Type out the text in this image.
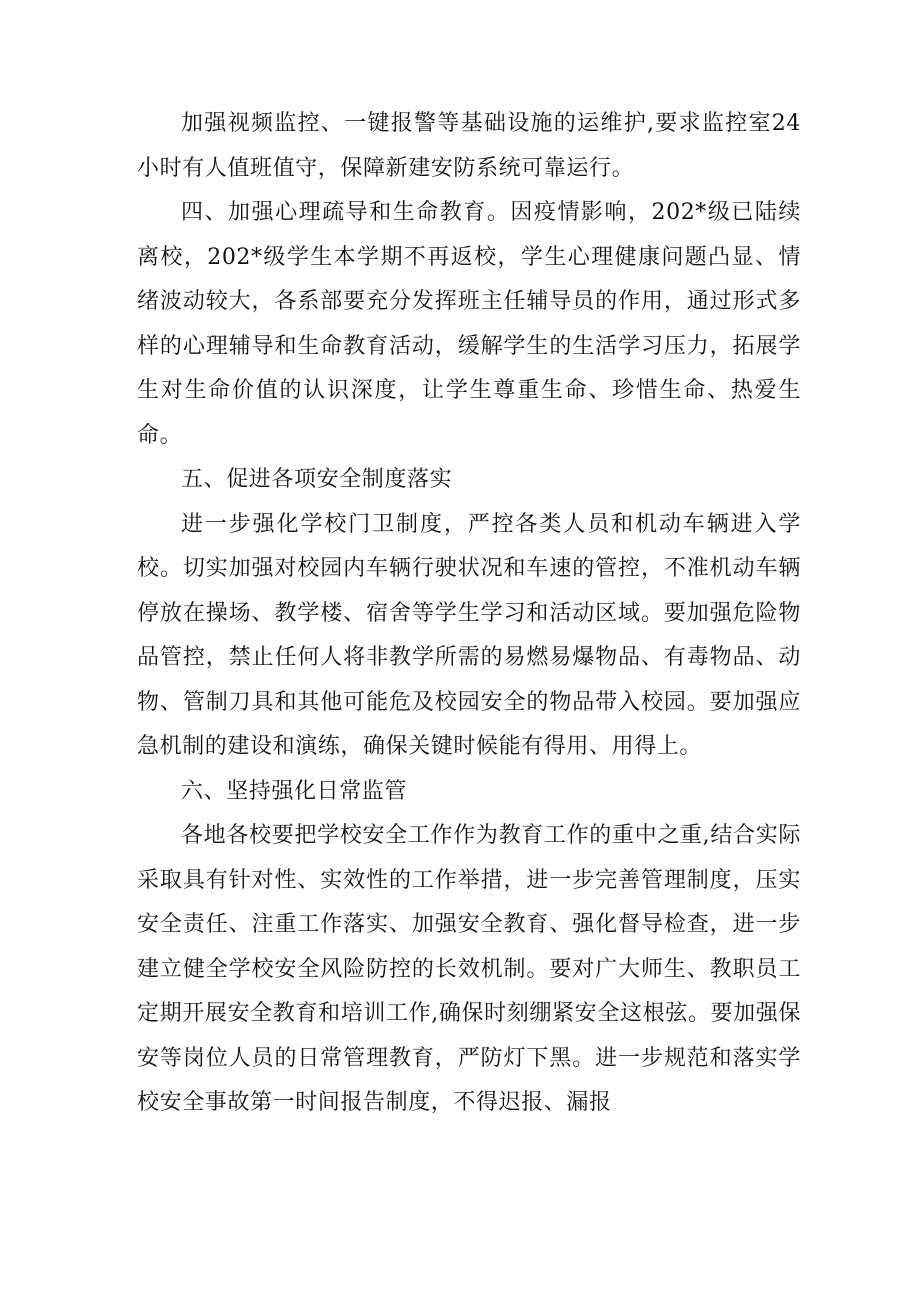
加强视频监控、一键报警等基础设施的运维护,要求监控室24小时有人值班值守，保障新建安防系统可靠运行。

四、加强心理疏导和生命教育。因疫情影响，202*级已陆续离校，202*级学生本学期不再返校，学生心理健康问题凸显、情绪波动较大，各系部要充分发挥班主任辅导员的作用，通过形式多样的心理辅导和生命教育活动，缓解学生的生活学习压力，拓展学生对生命价值的认识深度，让学生尊重生命、珍惜生命、热爱生命。

五、促进各项安全制度落实

进一步强化学校门卫制度，严控各类人员和机动车辆进入学校。切实加强对校园内车辆行驶状况和车速的管控，不准机动车辆停放在操场、教学楼、宿舍等学生学习和活动区域。要加强危险物品管控，禁止任何人将非教学所需的易燃易爆物品、有毒物品、动物、管制刀具和其他可能危及校园安全的物品带入校园。要加强应急机制的建设和演练，确保关键时候能有得用、用得上。

六、坚持强化日常监管

各地各校要把学校安全工作作为教育工作的重中之重,结合实际采取具有针对性、实效性的工作举措，进一步完善管理制度，压实安全责任、注重工作落实、加强安全教育、强化督导检查，进一步建立健全学校安全风险防控的长效机制。要对广大师生、教职员工定期开展安全教育和培训工作,确保时刻绷紧安全这根弦。要加强保安等岗位人员的日常管理教育，严防灯下黑。进一步规范和落实学校安全事故第一时间报告制度，不得迟报、漏报
